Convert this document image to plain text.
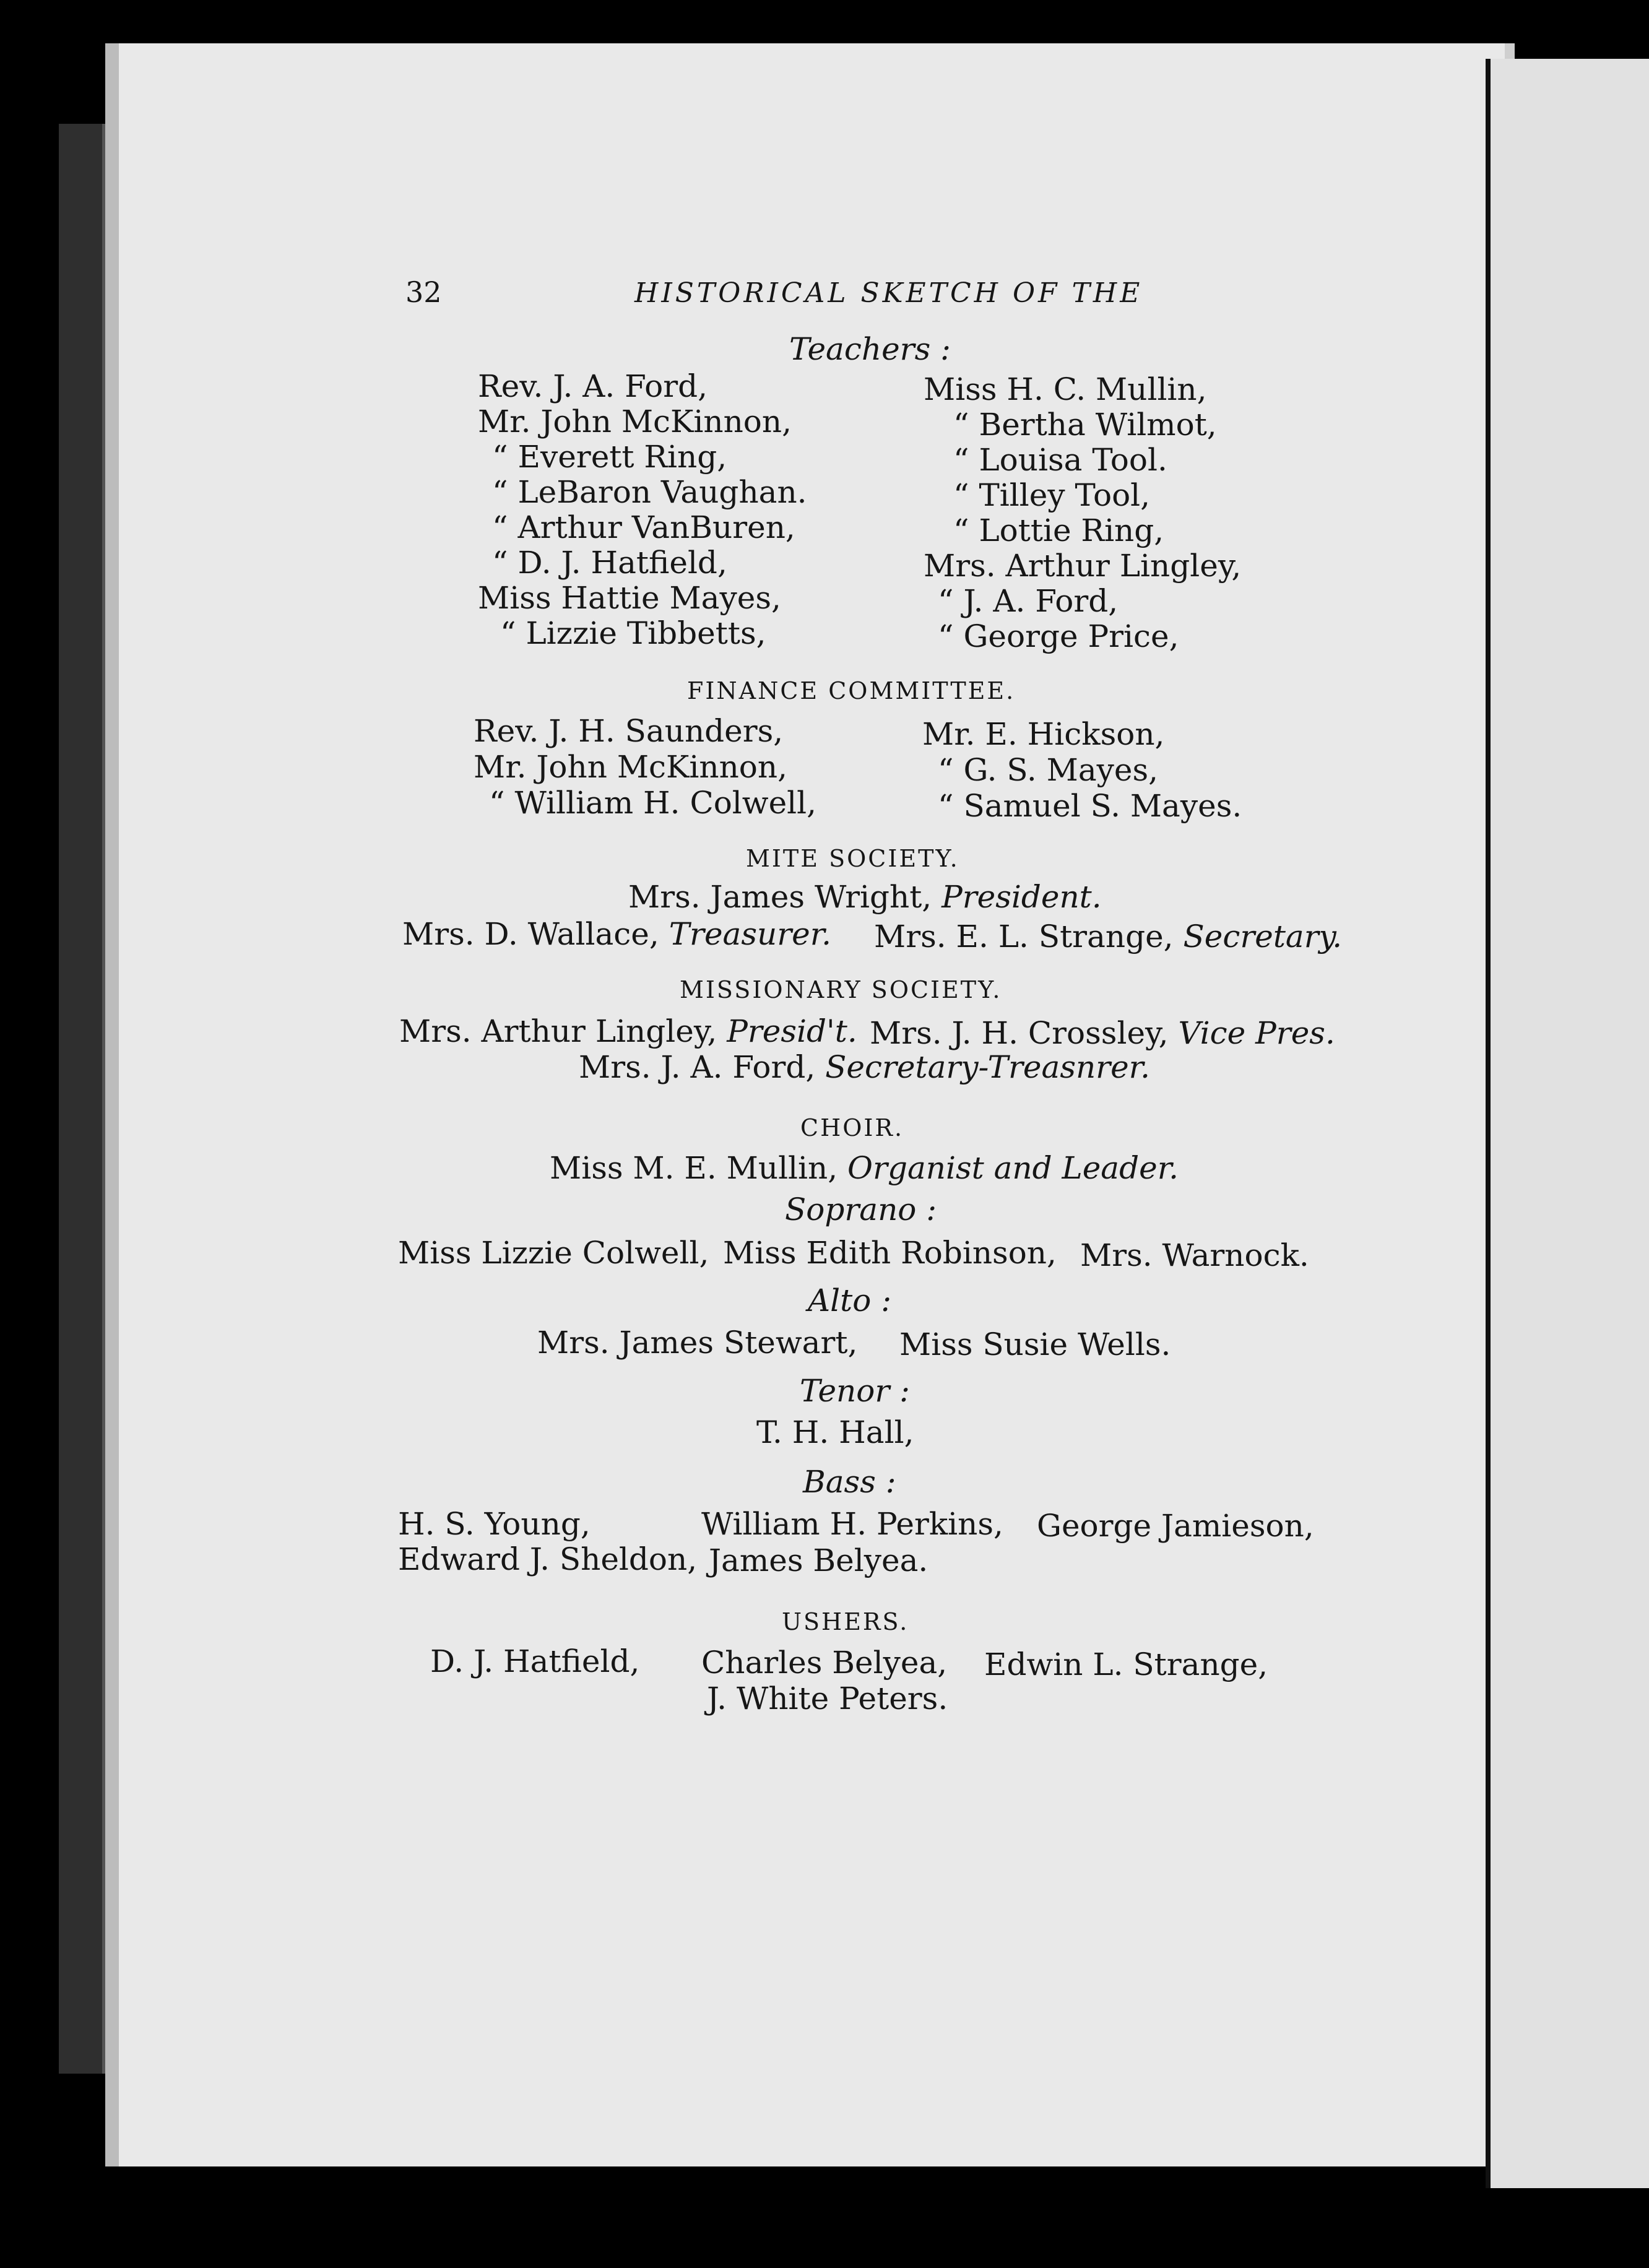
32	HISTORICAL SKETCH OF THE
Teachers :
Rev. J. A. Ford,
Mr. John McKinnon,
“ Everett Ring,
“ LeBaron Vaughan.
“ Arthur VanBuren,
“ D. J. Hatfield,
Miss Hattie Mayes,
“ Lizzie Tibbetts,
Miss H. C. Mullin,
“ Bertha Wilmot,
“ Louisa Tool.
“ Tilley Tool,
“ Lottie Ring,
Mrs. Arthur Lingley,
“ J. A. Ford,
“ George Price,
FINANCE COMMITTEE.
Rev. J. H. Saunders,
Mr. John McKinnon,
“ William H. Colwell,
Mr. E. Hickson,
“ G. S. Mayes,
“ Samuel S. Mayes.
MITE SOCIETY.
Mrs. James Wright, President.
Mrs. D. Wallace, Treasurer. Mrs. E. L. Strange, Secretary.
MISSIONARY SOCIETY.
Mrs. Arthur Lingley, Presid't. Mrs. J. H. Crossley, Vice Pres.
Mrs. J. A. Ford, Secretary-Treasnrer.
CHOIR.
Miss M. E. Mullin, Organist and Leader.
Soprano :
Miss Lizzie Colwell, Miss Edith Robinson, Mrs. Warnock.
Alto :
Mrs. James Stewart, Miss Susie Wells.
Tenor :
T. H. Hall,
Bass :
H. S. Young,	William H. Perkins, George Jamieson,
Edward J. Sheldon, James Belyea.
USHERS.
D. J. Hatfield, Charles Belyea, Edwin L. Strange,
J. White Peters.
